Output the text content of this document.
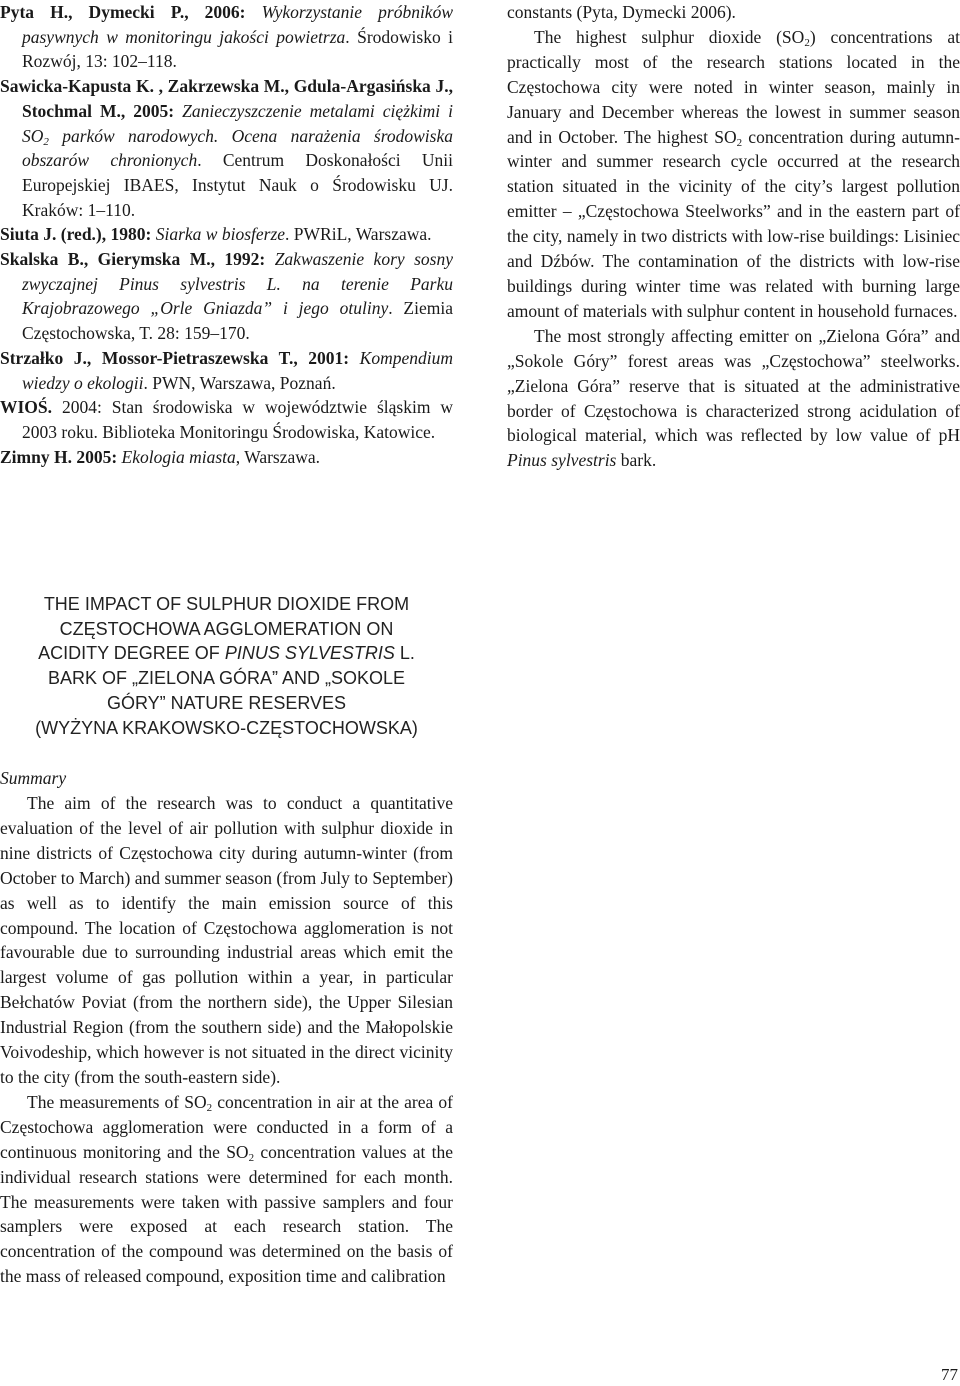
Pyta H., Dymecki P., 2006: Wykorzystanie próbników pasywnych w monitoringu jakości powietrza. Środowisko i Rozwój, 13: 102–118.

Sawicka-Kapusta K. , Zakrzewska M., Gdula-Argasińska J., Stochmal M., 2005: Zanieczyszczenie metalami ciężkimi i $SO_2$ parków narodowych. Ocena narażenia środowiska obszarów chronionych. Centrum Doskonałości Unii Europejskiej IBAES, Instytut Nauk o Środowisku UJ. Kraków: 1–110.

Siuta J. (red.), 1980: Siarka w biosferze. PWRiL, Warszawa.

Skalska B., Gierymska M., 1992: Zakwaszenie kory sosny zwyczajnej Pinus sylvestris L. na terenie Parku Krajobrazowego „Orle Gniazda” i jego otuliny. Ziemia Częstochowska, T. 28: 159–170.

Strzałko J., Mossor-Pietraszewska T., 2001: Kompendium wiedzy o ekologii. PWN, Warszawa, Poznań.

WIOŚ. 2004: Stan środowiska w województwie śląskim w 2003 roku. Biblioteka Monitoringu Środowiska, Katowice.

Zimny H. 2005: Ekologia miasta, Warszawa.

THE IMPACT OF SULPHUR DIOXIDE FROM

CZĘSTOCHOWA AGGLOMERATION ON

ACIDITY DEGREE OF PINUS SYLVESTRIS L.

BARK OF „ZIELONA GÓRA” AND „SOKOLE

GÓRY” NATURE RESERVES

(WYŻYNA KRAKOWSKO-CZĘSTOCHOWSKA)

Summary

The aim of the research was to conduct a quantitative evaluation of the level of air pollution with sulphur dioxide in nine districts of Częstochowa city during autumn-winter (from October to March) and summer season (from July to September) as well as to identify the main emission source of this compound. The location of Częstochowa agglomeration is not favourable due to surrounding industrial areas which emit the largest volume of gas pollution within a year, in particular Bełchatów Poviat (from the northern side), the Upper Silesian Industrial Region (from the southern side) and the Małopolskie Voivodeship, which however is not situated in the direct vicinity to the city (from the south-eastern side).

The measurements of $SO_2$ concentration in air at the area of Częstochowa agglomeration were conducted in a form of a continuous monitoring and the $SO_2$ concentration values at the individual research stations were determined for each month. The measurements were taken with passive samplers and four samplers were exposed at each research station. The concentration of the compound was determined on the basis of the mass of released compound, exposition time and calibration

constants (Pyta, Dymecki 2006).

The highest sulphur dioxide $(SO_2)$ concentrations at practically most of the research stations located in the Częstochowa city were noted in winter season, mainly in January and December whereas the lowest in summer season and in October. The highest $SO_2$ concentration during autumn-winter and summer research cycle occurred at the research station situated in the vicinity of the city’s largest pollution emitter – „Częstochowa Steelworks” and in the eastern part of the city, namely in two districts with low-rise buildings: Lisiniec and Dźbów. The contamination of the districts with low-rise buildings during winter time was related with burning large amount of materials with sulphur content in household furnaces.

The most strongly affecting emitter on „Zielona Góra” and „Sokole Góry” forest areas was „Częstochowa” steelworks. „Zielona Góra” reserve that is situated at the administrative border of Częstochowa is characterized strong acidulation of biological material, which was reflected by low value of pH Pinus sylvestris bark.

77
